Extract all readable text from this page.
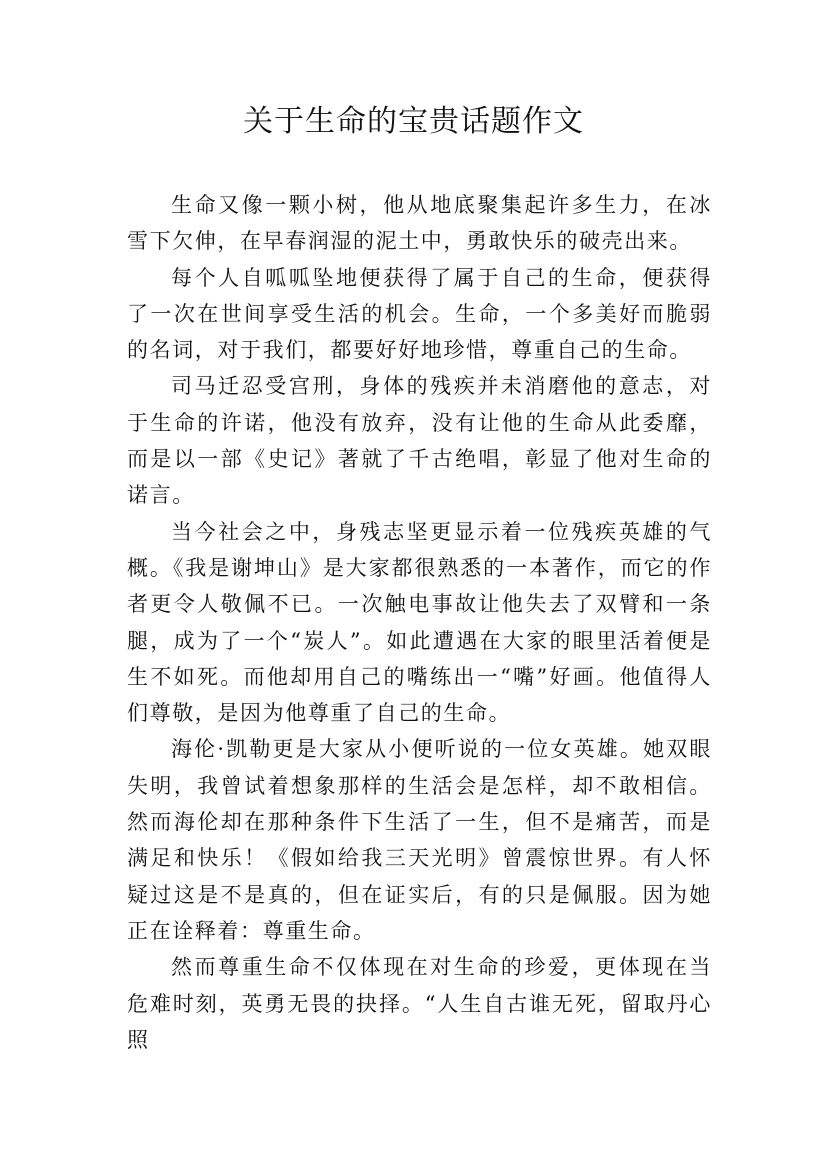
关于生命的宝贵话题作文

生命又像一颗小树，他从地底聚集起许多生力，在冰雪下欠伸，在早春润湿的泥土中，勇敢快乐的破壳出来。

每个人自呱呱坠地便获得了属于自己的生命，便获得了一次在世间享受生活的机会。生命，一个多美好而脆弱的名词，对于我们，都要好好地珍惜，尊重自己的生命。

司马迁忍受宫刑，身体的残疾并未消磨他的意志，对于生命的许诺，他没有放弃，没有让他的生命从此委靡，而是以一部《史记》著就了千古绝唱，彰显了他对生命的诺言。

当今社会之中，身残志坚更显示着一位残疾英雄的气概。《我是谢坤山》是大家都很熟悉的一本著作，而它的作者更令人敬佩不已。一次触电事故让他失去了双臂和一条腿，成为了一个“炭人”。如此遭遇在大家的眼里活着便是生不如死。而他却用自己的嘴练出一“嘴”好画。他值得人们尊敬，是因为他尊重了自己的生命。

海伦·凯勒更是大家从小便听说的一位女英雄。她双眼失明，我曾试着想象那样的生活会是怎样，却不敢相信。然而海伦却在那种条件下生活了一生，但不是痛苦，而是满足和快乐！《假如给我三天光明》曾震惊世界。有人怀疑过这是不是真的，但在证实后，有的只是佩服。因为她正在诠释着：尊重生命。

然而尊重生命不仅体现在对生命的珍爱，更体现在当危难时刻，英勇无畏的抉择。“人生自古谁无死，留取丹心照
